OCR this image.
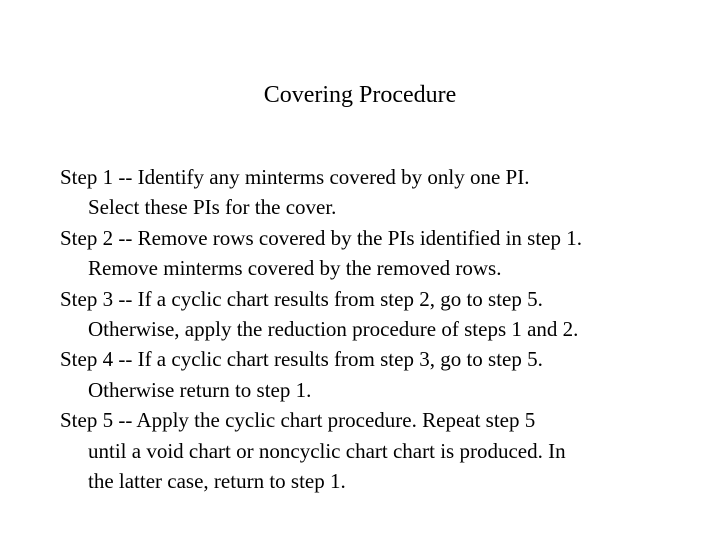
Covering Procedure
Step 1 -- Identify any minterms covered by only one PI.
Select these PIs for the cover.
Step 2 -- Remove rows covered by the PIs identified in step 1.
Remove minterms covered by the removed rows.
Step 3 -- If a cyclic chart results from step 2, go to step 5.
Otherwise, apply the reduction procedure of steps 1 and 2.
Step 4 -- If a cyclic chart results from step 3, go to step 5.
Otherwise return to step 1.
Step 5 -- Apply the cyclic chart procedure. Repeat step 5
until a void chart or noncyclic chart chart is produced. In
the latter case, return to step 1.
